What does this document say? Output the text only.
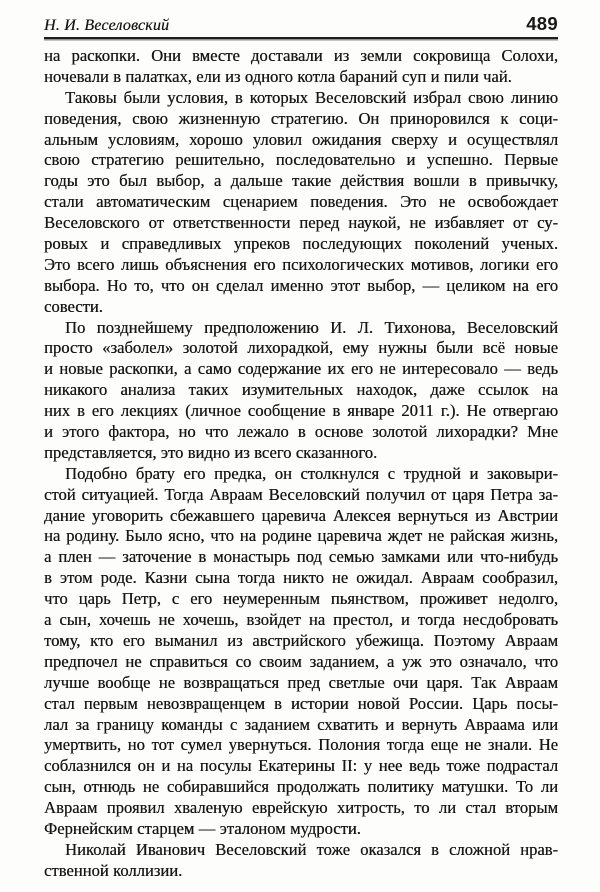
Н. И. Веселовский	489
на раскопки. Они вместе доставали из земли сокровища Солохи,
ночевали в палатках, ели из одного котла бараний суп и пили чай.
Таковы были условия, в которых Веселовский избрал свою линию
поведения, свою жизненную стратегию. Он приноровился к соци-
альным условиям, хорошо уловил ожидания сверху и осуществлял
свою стратегию решительно, последовательно и успешно. Первые
годы это был выбор, а дальше такие действия вошли в привычку,
стали автоматическим сценарием поведения. Это не освобождает
Веселовского от ответственности перед наукой, не избавляет от су-
ровых и справедливых упреков последующих поколений ученых.
Это всего лишь объяснения его психологических мотивов, логики его
выбора. Но то, что он сделал именно этот выбор, — целиком на его
совести.
По позднейшему предположению И. Л. Тихонова, Веселовский
просто «заболел» золотой лихорадкой, ему нужны были всё новые
и новые раскопки, а само содержание их его не интересовало — ведь
никакого анализа таких изумительных находок, даже ссылок на
них в его лекциях (личное сообщение в январе 2011 г.). Не отвергаю
и этого фактора, но что лежало в основе золотой лихорадки? Мне
представляется, это видно из всего сказанного.
Подобно брату его предка, он столкнулся с трудной и заковыри-
стой ситуацией. Тогда Авраам Веселовский получил от царя Петра за-
дание уговорить сбежавшего царевича Алексея вернуться из Австрии
на родину. Было ясно, что на родине царевича ждет не райская жизнь,
а плен — заточение в монастырь под семью замками или что-нибудь
в этом роде. Казни сына тогда никто не ожидал. Авраам сообразил,
что царь Петр, с его неумеренным пьянством, проживет недолго,
а сын, хочешь не хочешь, взойдет на престол, и тогда несдобровать
тому, кто его выманил из австрийского убежища. Поэтому Авраам
предпочел не справиться со своим заданием, а уж это означало, что
лучше вообще не возвращаться пред светлые очи царя. Так Авраам
стал первым невозвращенцем в истории новой России. Царь посы-
лал за границу команды с заданием схватить и вернуть Авраама или
умертвить, но тот сумел увернуться. Полония тогда еще не знали. Не
соблазнился он и на посулы Екатерины II: у нее ведь тоже подрастал
сын, отнюдь не собиравшийся продолжать политику матушки. То ли
Авраам проявил хваленую еврейскую хитрость, то ли стал вторым
Фернейским старцем — эталоном мудрости.
Николай Иванович Веселовский тоже оказался в сложной нрав-
ственной коллизии.
